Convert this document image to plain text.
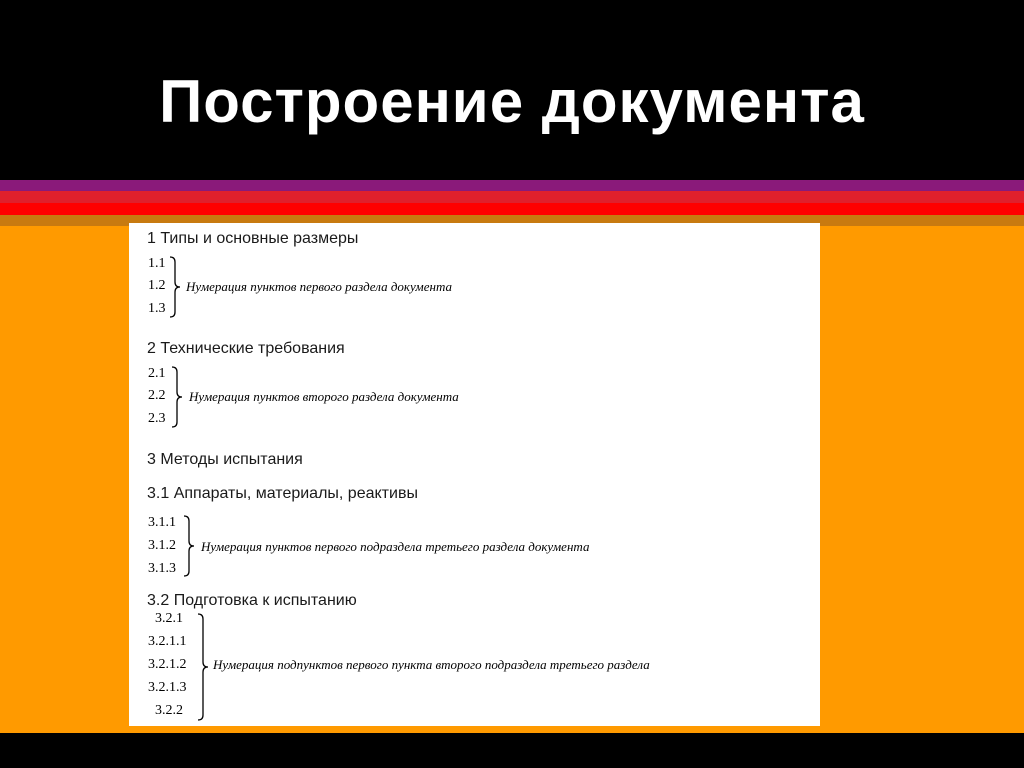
Построение документа
1 Типы и основные размеры
1.1
1.2
1.3
Нумерация пунктов первого раздела документа
2 Технические требования
2.1
2.2
2.3
Нумерация пунктов второго раздела документа
3 Методы испытания
3.1 Аппараты, материалы, реактивы
3.1.1
3.1.2
3.1.3
Нумерация пунктов первого подраздела третьего раздела документа
3.2 Подготовка к испытанию
3.2.1
3.2.1.1
3.2.1.2
3.2.1.3
3.2.2
Нумерация подпунктов первого пункта второго подраздела третьего раздела
